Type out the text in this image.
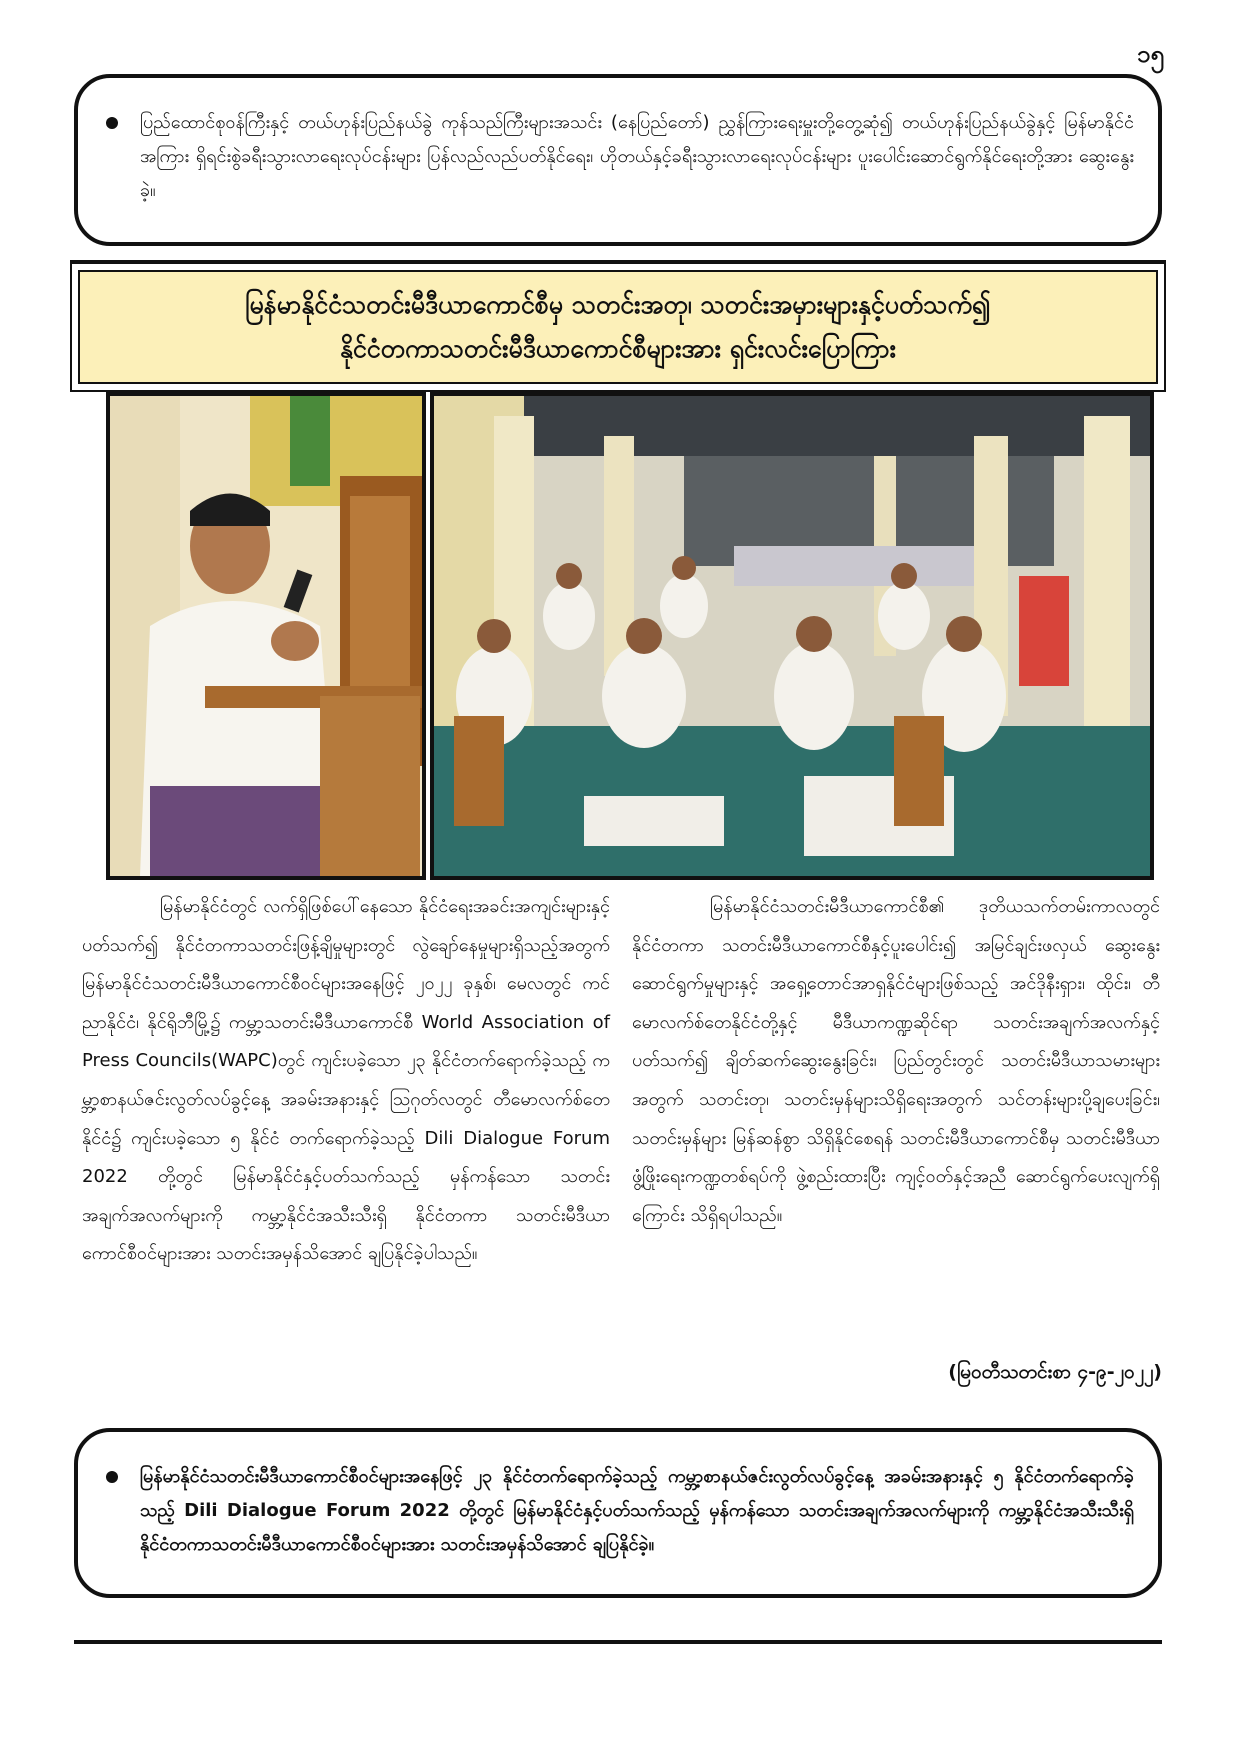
၁၅
ပြည်ထောင်စုဝန်ကြီးနှင့် တယ်ဟုန်းပြည်နယ်ခွဲ ကုန်သည်ကြီးများအသင်း (နေပြည်တော်) ညွှန်ကြားရေးမှူးတို့တွေ့ဆုံ၍ တယ်ဟုန်းပြည်နယ်ခွဲနှင့် မြန်မာနိုင်ငံအကြား ရှိရင်းစွဲခရီးသွားလာရေးလုပ်ငန်းများ ပြန်လည်လည်ပတ်နိုင်ရေး၊ ဟိုတယ်နှင့်ခရီးသွားလာရေးလုပ်ငန်းများ ပူးပေါင်းဆောင်ရွက်နိုင်ရေးတို့အား ဆွေးနွေးခဲ့။
မြန်မာနိုင်ငံသတင်းမီဒီယာကောင်စီမှ သတင်းအတု၊ သတင်းအမှားများနှင့်ပတ်သက်၍
နိုင်ငံတကာသတင်းမီဒီယာကောင်စီများအား ရှင်းလင်းပြောကြား

မြန်မာနိုင်ငံတွင် လက်ရှိဖြစ်ပေါ်နေသော နိုင်ငံရေးအခင်းအကျင်းများနှင့်ပတ်သက်၍ နိုင်ငံတကာသတင်းဖြန့်ချိမှုများတွင် လွဲချော်နေမှုများရှိသည့်အတွက် မြန်မာနိုင်ငံသတင်းမီဒီယာကောင်စီဝင်များအနေဖြင့် ၂၀၂၂ ခုနှစ်၊ မေလတွင် ကင်ညာနိုင်ငံ၊ နိုင်ရိုဘီမြို့၌ ကမ္ဘာ့သတင်းမီဒီယာကောင်စီ World Association of Press Councils(WAPC)တွင် ကျင်းပခဲ့သော ၂၃ နိုင်ငံတက်ရောက်ခဲ့သည့် ကမ္ဘာ့စာနယ်ဇင်းလွတ်လပ်ခွင့်နေ့ အခမ်းအနားနှင့် ဩဂုတ်လတွင် တီမောလက်စ်တေနိုင်ငံ၌ ကျင်းပခဲ့သော ၅ နိုင်ငံ တက်ရောက်ခဲ့သည့် Dili Dialogue Forum 2022 တို့တွင် မြန်မာနိုင်ငံနှင့်ပတ်သက်သည့် မှန်ကန်သော သတင်းအချက်အလက်များကို ကမ္ဘာ့နိုင်ငံအသီးသီးရှိ နိုင်ငံတကာ သတင်းမီဒီယာကောင်စီဝင်များအား သတင်းအမှန်သိအောင် ချပြနိုင်ခဲ့ပါသည်။

မြန်မာနိုင်ငံသတင်းမီဒီယာကောင်စီ၏ ဒုတိယသက်တမ်းကာလတွင် နိုင်ငံတကာ သတင်းမီဒီယာကောင်စီနှင့်ပူးပေါင်း၍ အမြင်ချင်းဖလှယ် ဆွေးနွေးဆောင်ရွက်မှုများနှင့် အရှေ့တောင်အာရှနိုင်ငံများဖြစ်သည့် အင်ဒိုနီးရှား၊ ထိုင်း၊ တီမောလက်စ်တေနိုင်ငံတို့နှင့် မီဒီယာကဏ္ဍဆိုင်ရာ သတင်းအချက်အလက်နှင့်ပတ်သက်၍ ချိတ်ဆက်ဆွေးနွေးခြင်း၊ ပြည်တွင်းတွင် သတင်းမီဒီယာသမားများအတွက် သတင်းတု၊ သတင်းမှန်များသိရှိရေးအတွက် သင်တန်းများပို့ချပေးခြင်း၊ သတင်းမှန်များ မြန်ဆန်စွာ သိရှိနိုင်စေရန် သတင်းမီဒီယာကောင်စီမှ သတင်းမီဒီယာဖွံ့ဖြိုးရေးကဏ္ဍတစ်ရပ်ကို ဖွဲ့စည်းထားပြီး ကျင့်ဝတ်နှင့်အညီ ဆောင်ရွက်ပေးလျက်ရှိကြောင်း သိရှိရပါသည်။

(မြဝတီသတင်းစာ ၄-၉-၂၀၂၂)
မြန်မာနိုင်ငံသတင်းမီဒီယာကောင်စီဝင်များအနေဖြင့် ၂၃ နိုင်ငံတက်ရောက်ခဲ့သည့် ကမ္ဘာ့စာနယ်ဇင်းလွတ်လပ်ခွင့်နေ့ အခမ်းအနားနှင့် ၅ နိုင်ငံတက်ရောက်ခဲ့သည့် Dili Dialogue Forum 2022 တို့တွင် မြန်မာနိုင်ငံနှင့်ပတ်သက်သည့် မှန်ကန်သော သတင်းအချက်အလက်များကို ကမ္ဘာ့နိုင်ငံအသီးသီးရှိ နိုင်ငံတကာသတင်းမီဒီယာကောင်စီဝင်များအား သတင်းအမှန်သိအောင် ချပြနိုင်ခဲ့။
